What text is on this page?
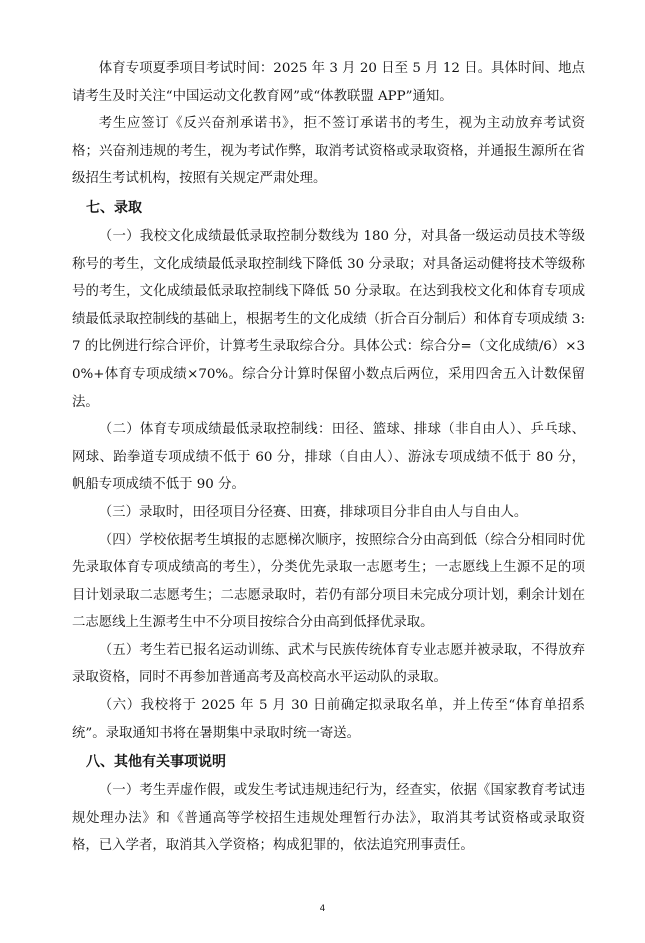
体育专项夏季项目考试时间：2025 年 3 月 20 日至 5 月 12 日。具体时间、地点请考生及时关注“中国运动文化教育网”或“体教联盟 APP”通知。

考生应签订《反兴奋剂承诺书》，拒不签订承诺书的考生，视为主动放弃考试资格；兴奋剂违规的考生，视为考试作弊，取消考试资格或录取资格，并通报生源所在省级招生考试机构，按照有关规定严肃处理。

七、录取

（一）我校文化成绩最低录取控制分数线为 180 分，对具备一级运动员技术等级称号的考生，文化成绩最低录取控制线下降低 30 分录取；对具备运动健将技术等级称号的考生，文化成绩最低录取控制线下降低 50 分录取。在达到我校文化和体育专项成绩最低录取控制线的基础上，根据考生的文化成绩（折合百分制后）和体育专项成绩 3:7 的比例进行综合评价，计算考生录取综合分。具体公式：综合分=（文化成绩/6）×30%+体育专项成绩×70%。综合分计算时保留小数点后两位，采用四舍五入计数保留法。

（二）体育专项成绩最低录取控制线：田径、篮球、排球（非自由人）、乒乓球、网球、跆拳道专项成绩不低于 60 分，排球（自由人）、游泳专项成绩不低于 80 分，帆船专项成绩不低于 90 分。

（三）录取时，田径项目分径赛、田赛，排球项目分非自由人与自由人。

（四）学校依据考生填报的志愿梯次顺序，按照综合分由高到低（综合分相同时优先录取体育专项成绩高的考生），分类优先录取一志愿考生；一志愿线上生源不足的项目计划录取二志愿考生；二志愿录取时，若仍有部分项目未完成分项计划，剩余计划在二志愿线上生源考生中不分项目按综合分由高到低择优录取。

（五）考生若已报名运动训练、武术与民族传统体育专业志愿并被录取，不得放弃录取资格，同时不再参加普通高考及高校高水平运动队的录取。

（六）我校将于 2025 年 5 月 30 日前确定拟录取名单，并上传至“体育单招系统”。录取通知书将在暑期集中录取时统一寄送。

八、其他有关事项说明

（一）考生弄虚作假，或发生考试违规违纪行为，经查实，依据《国家教育考试违规处理办法》和《普通高等学校招生违规处理暂行办法》，取消其考试资格或录取资格，已入学者，取消其入学资格；构成犯罪的，依法追究刑事责任。

4
